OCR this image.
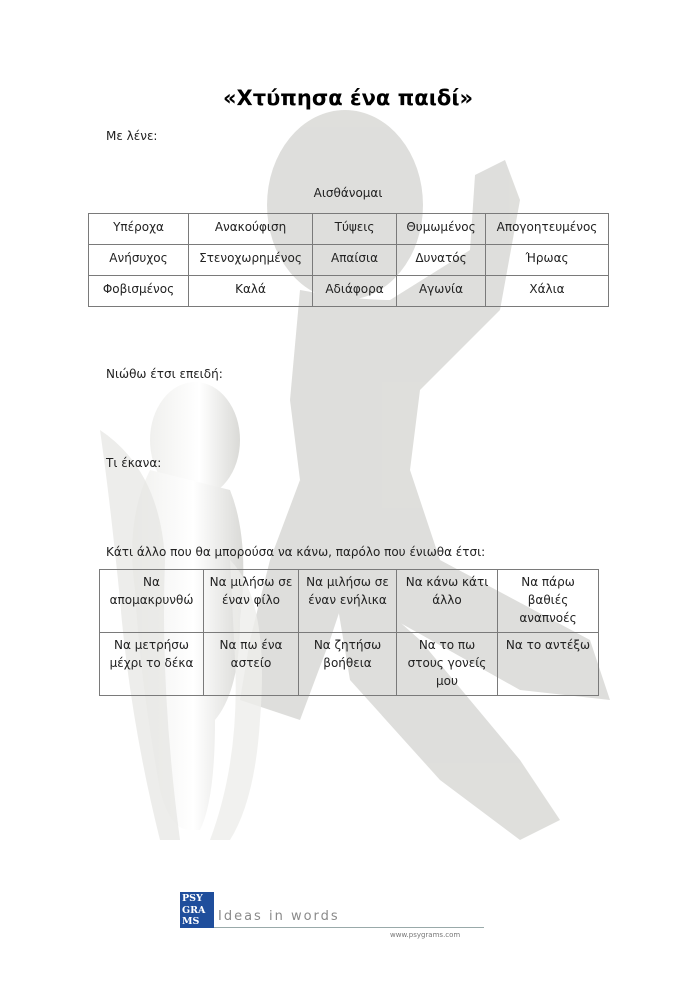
«Χτύπησα ένα παιδί»
Με λένε:
Αισθάνομαι
Υπέροχα	Ανακούφιση	Τύψεις	Θυμωμένος	Απογοητευμένος
Ανήσυχος	Στενοχωρημένος	Απαίσια	Δυνατός	Ήρωας
Φοβισμένος	Καλά	Αδιάφορα	Αγωνία	Χάλια
Νιώθω έτσι επειδή:
Τι έκανα:
Κάτι άλλο που θα μπορούσα να κάνω, παρόλο που ένιωθα έτσι:
Να απομακρυνθώ	Να μιλήσω σε έναν φίλο	Να μιλήσω σε έναν ενήλικα	Να κάνω κάτι άλλο	Να πάρω βαθιές αναπνοές
Να μετρήσω μέχρι το δέκα	Να πω ένα αστείο	Να ζητήσω βοήθεια	Να το πω στους γονείς μου	Να το αντέξω
PSY GRA MS	Ideas in words
www.psygrams.com
